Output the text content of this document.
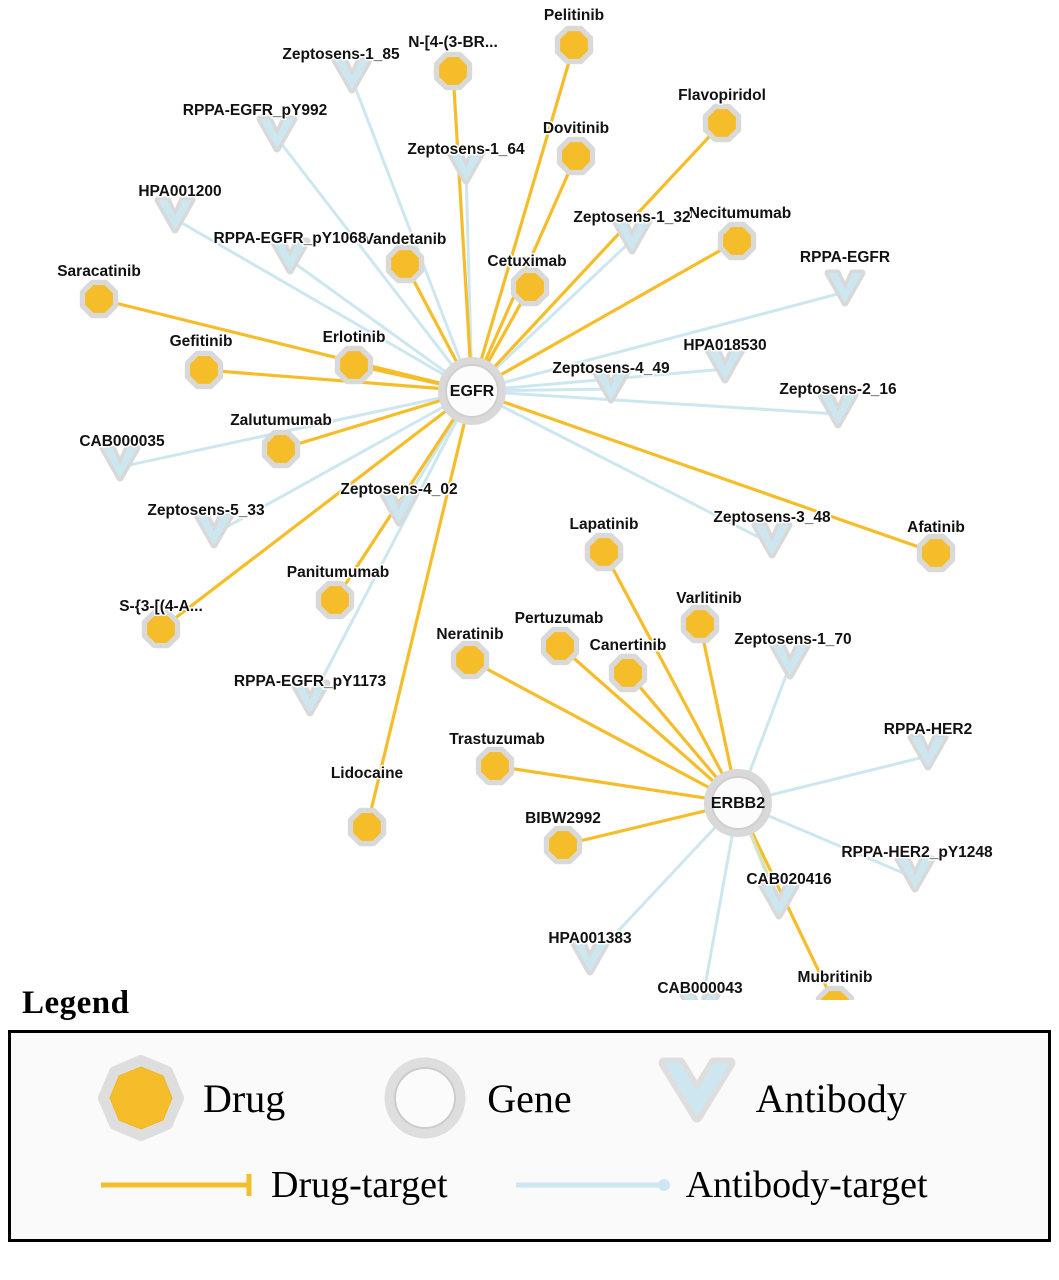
Pelitinib
N-[4-(3-BR...
Flavopiridol
Dovitinib
Necitumumab
Vandetanib
Cetuximab
Saracatinib
Gefitinib	Erlotinib
Zalutumumab
Afatinib
Lapatinib
Varlitinib
Panitumumab
S-{3-[(4-A...
Pertuzumab
Neratinib
Canertinib
Trastuzumab
Lidocaine
BIBW2992
Mubritinib
Zeptosens-1_85
RPPA-EGFR_pY992
Zeptosens-1_64
HPA001200
Zeptosens-1_32
RPPA-EGFR_pY1068
RPPA-EGFR
HPA018530
Zeptosens-4_49
Zeptosens-2_16
CAB000035
Zeptosens-4_02
Zeptosens-5_33	Zeptosens-3_48
Zeptosens-1_70
RPPA-EGFR_pY1173
RPPA-HER2
RPPA-HER2_pY1248
CAB020416
HPA001383
CAB000043
EGFR
ERBB2
Legend
Drug	Gene	Antibody
Drug-target	Antibody-target
